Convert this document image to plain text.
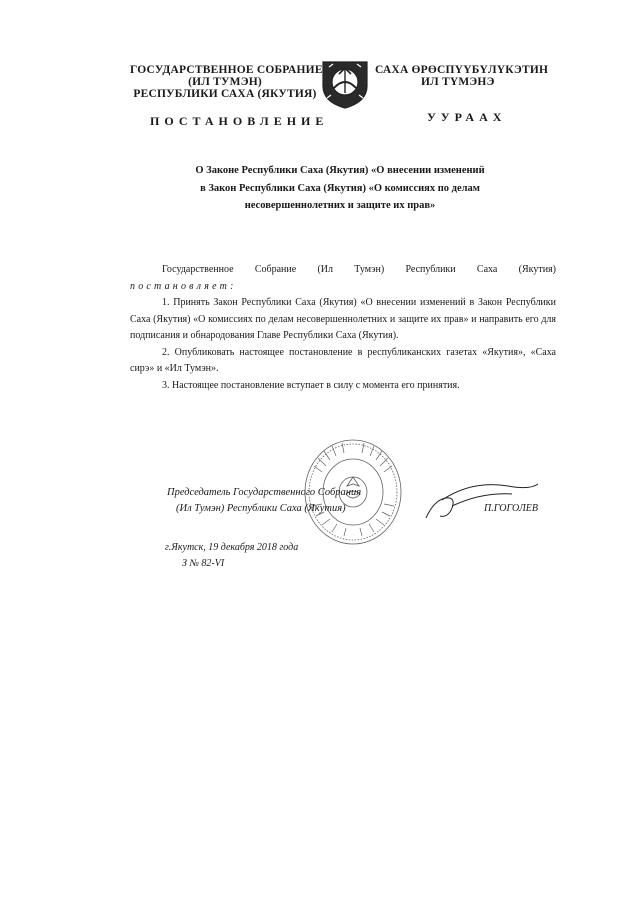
ГОСУДАРСТВЕННОЕ СОБРАНИЕ
(ИЛ ТУМЭН)
РЕСПУБЛИКИ САХА (ЯКУТИЯ)
САХА ӨРӨСПҮҮБҮЛҮКЭТИН
ИЛ ТҮМЭНЭ
ПОСТАНОВЛЕНИЕ	УУРААХ
О Законе Республики Саха (Якутия) «О внесении изменений
в Закон Республики Саха (Якутия) «О комиссиях по делам
несовершеннолетних и защите их прав»
Государственное Собрание (Ил Тумэн) Республики Саха (Якутия)
постановляет:
1. Принять Закон Республики Саха (Якутия) «О внесении изменений в Закон Республики Саха (Якутия) «О комиссиях по делам несовершеннолетних и защите их прав» и направить его для подписания и обнародования Главе Республики Саха (Якутия).
2. Опубликовать настоящее постановление в республиканских газетах «Якутия», «Саха сирэ» и «Ил Тумэн».
3. Настоящее постановление вступает в силу с момента его принятия.
Председатель Государственного Собрания
(Ил Тумэн) Республики Саха (Якутия)	П.ГОГОЛЕВ
г.Якутск, 19 декабря 2018 года
З № 82-VI
